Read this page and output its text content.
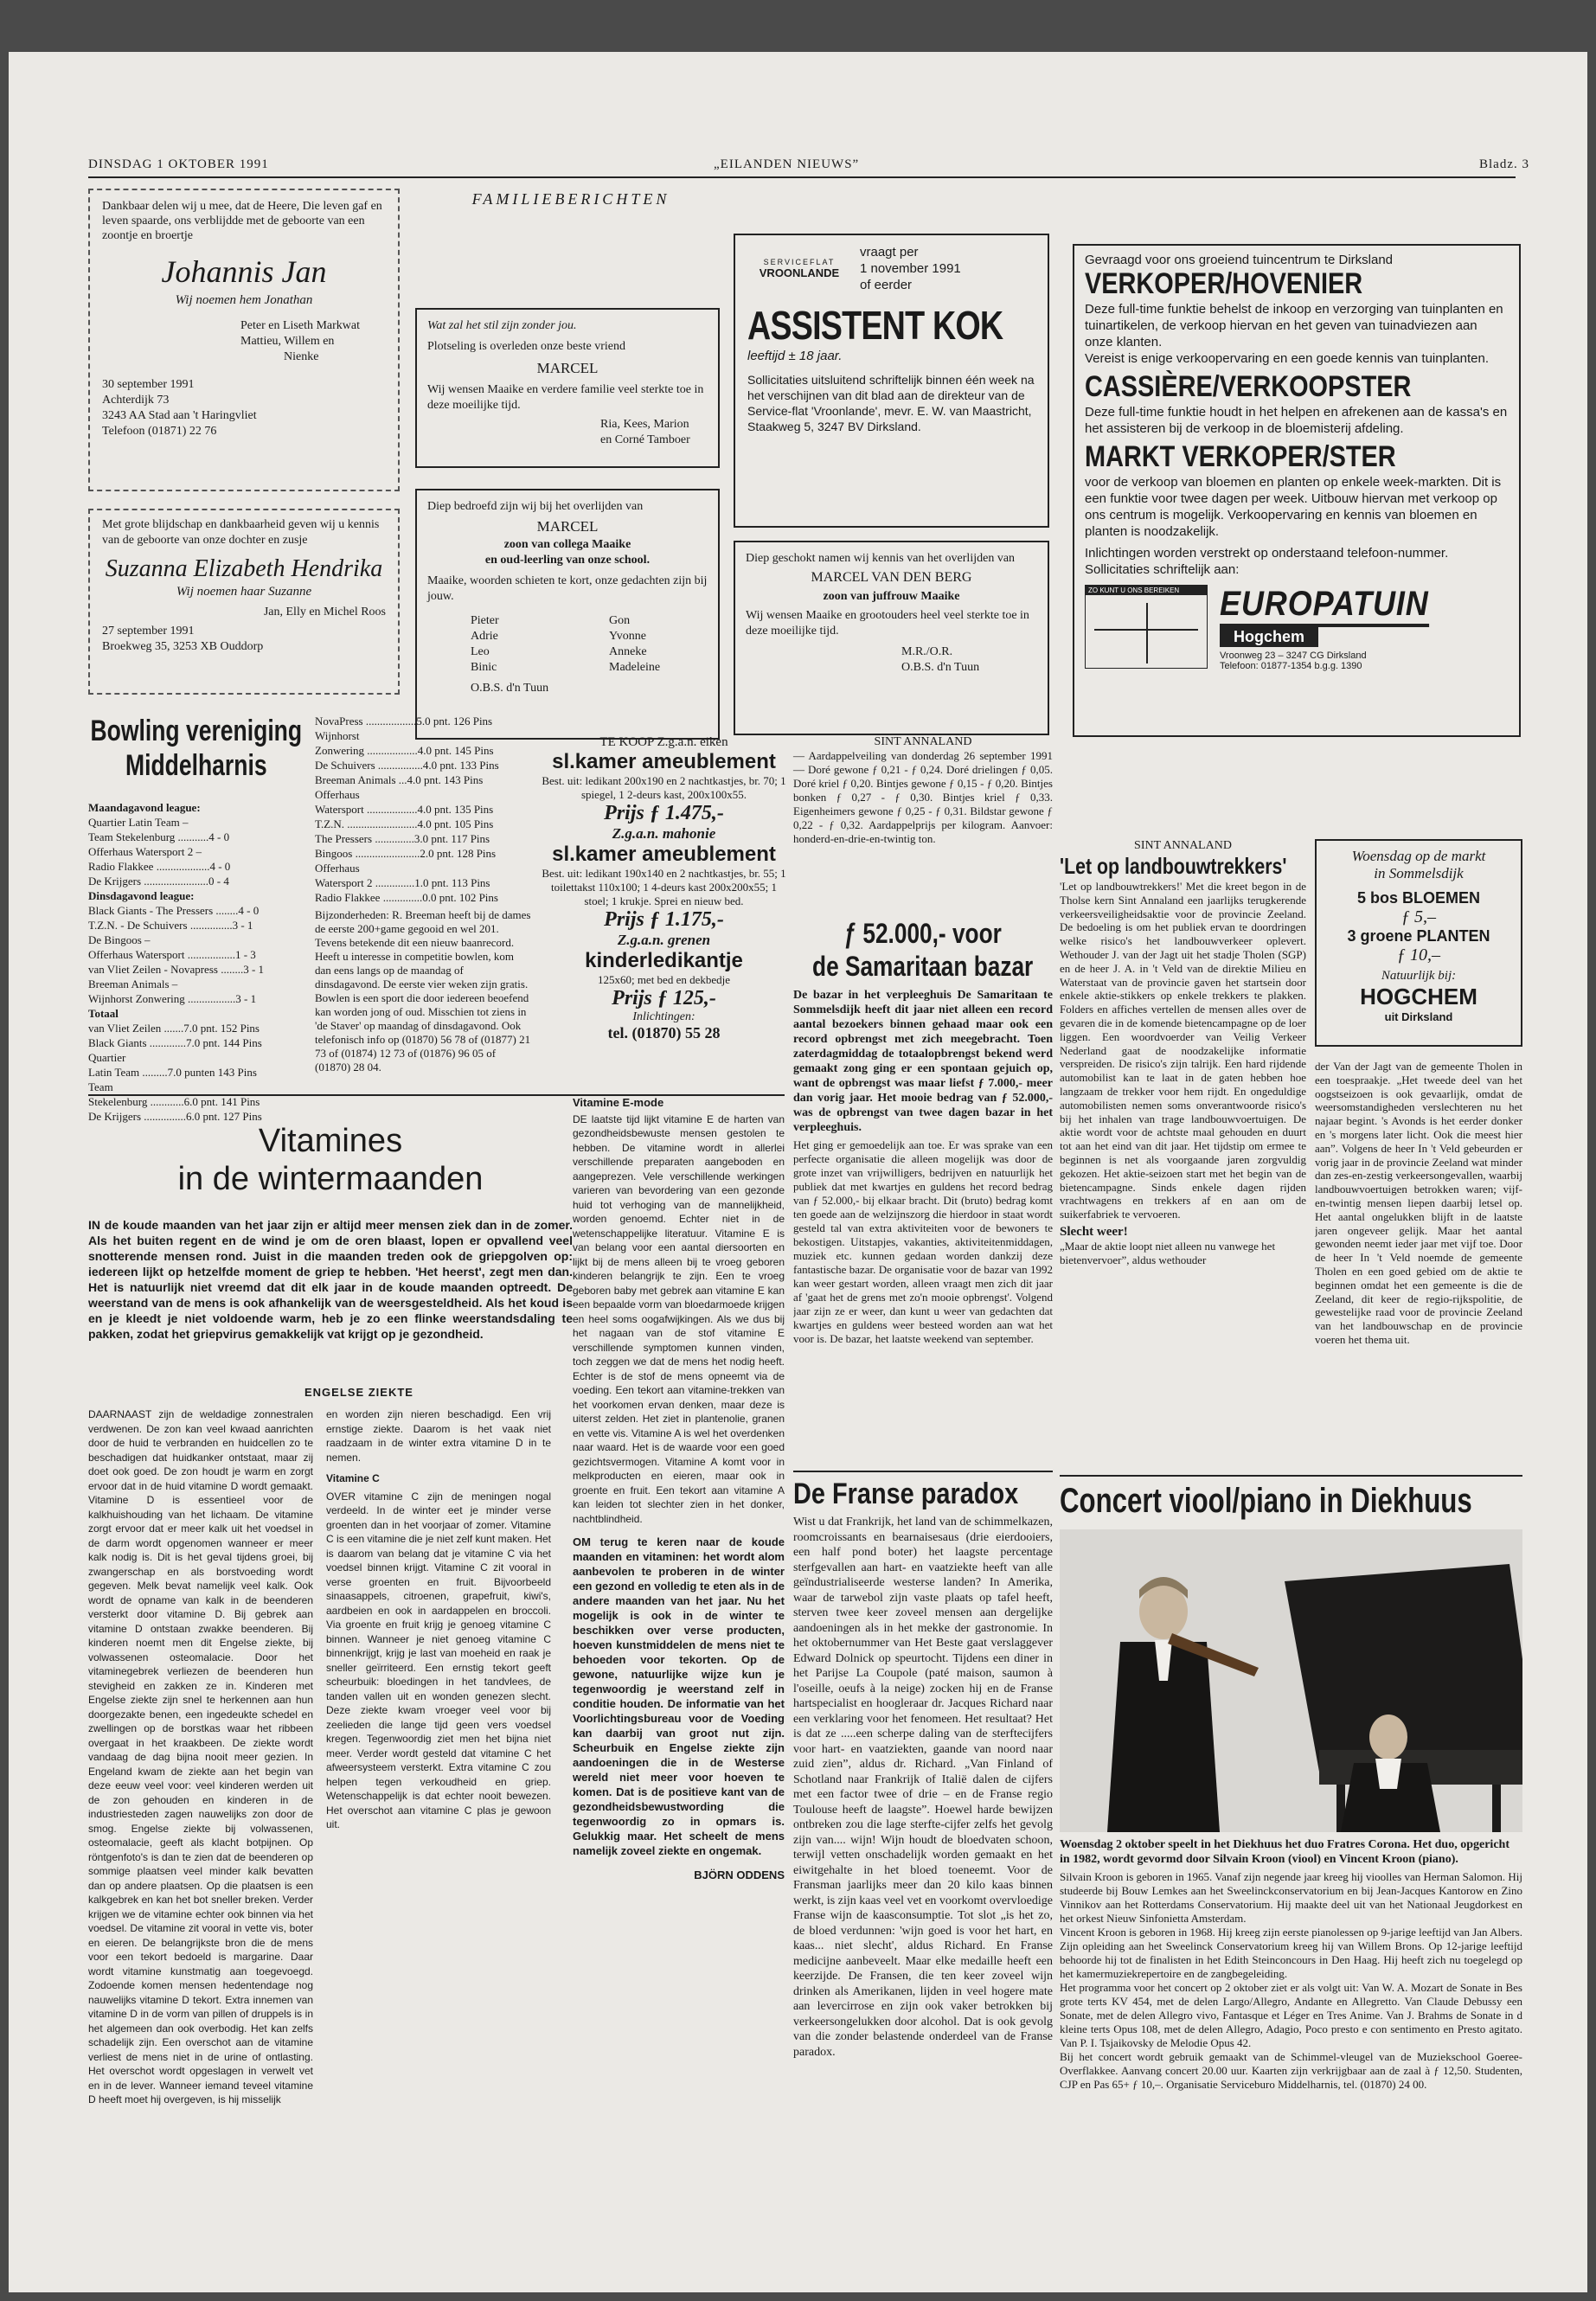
DINSDAG 1 OKTOBER 1991	„EILANDEN NIEUWS”	Bladz. 3

Dankbaar delen wij u mee, dat de Heere, Die leven gaf en leven spaarde, ons verblijdde met de geboorte van een zoontje en broertje

Johannis Jan

Wij noemen hem Jonathan

Peter en Liseth Markwat
Mattieu, Willem en
Nienke
30 september 1991
Achterdijk 73
3243 AA Stad aan 't Haringvliet
Telefoon (01871) 22 76

Met grote blijdschap en dankbaarheid geven wij u kennis van de geboorte van onze dochter en zusje

Suzanna Elizabeth Hendrika

Wij noemen haar Suzanne

Jan, Elly en Michel Roos

27 september 1991
Broekweg 35, 3253 XB Ouddorp
FAMILIEBERICHTEN

Wat zal het stil zijn zonder jou.

Plotseling is overleden onze beste vriend

MARCEL

Wij wensen Maaike en verdere familie veel sterkte toe in deze moeilijke tijd.

Ria, Kees, Marion
en Corné Tamboer

Diep bedroefd zijn wij bij het overlijden van

MARCEL

zoon van collega Maaike

en oud-leerling van onze school.

Maaike, woorden schieten te kort, onze gedachten zijn bij jouw.

Pieter
Adrie
Leo
Binic
Gon
Yvonne
Anneke
Madeleine

O.B.S. d'n Tuun

Diep geschokt namen wij kennis van het overlijden van

MARCEL VAN DEN BERG

zoon van juffrouw Maaike

Wij wensen Maaike en grootouders heel veel sterkte toe in deze moeilijke tijd.

M.R./O.R.
O.B.S. d'n Tuun
SERVICEFLAT
VROONLANDE
vraagt per
1 november 1991
of eerder
ASSISTENT KOK
leeftijd ± 18 jaar.

Sollicitaties uitsluitend schriftelijk binnen één week na het verschijnen van dit blad aan de direkteur van de Service-flat 'Vroonlande', mevr. E. W. van Maastricht, Staakweg 5, 3247 BV Dirksland.

Gevraagd voor ons groeiend tuincentrum te Dirksland

VERKOPER/HOVENIER

Deze full-time funktie behelst de inkoop en verzorging van tuinplanten en tuinartikelen, de verkoop hiervan en het geven van tuinadviezen aan onze klanten.

Vereist is enige verkoopervaring en een goede kennis van tuinplanten.

CASSIÈRE/VERKOOPSTER

Deze full-time funktie houdt in het helpen en afrekenen aan de kassa's en het assisteren bij de verkoop in de bloemisterij afdeling.

MARKT VERKOPER/STER

voor de verkoop van bloemen en planten op enkele week-markten. Dit is een funktie voor twee dagen per week. Uitbouw hiervan met verkoop op ons centrum is mogelijk. Verkoopervaring en kennis van bloemen en planten is noodzakelijk.

Inlichtingen worden verstrekt op onderstaand telefoon-nummer. Sollicitaties schriftelijk aan:

ZO KUNT U ONS BEREIKEN	EUROPATUIN
Hogchem
Vroonweg 23 – 3247 CG Dirksland
Telefoon: 01877-1354 b.g.g. 1390
Bowling vereniging
Middelharnis
Maandagavond league:
Quartier Latin Team –
Team Stekelenburg ...........4 - 0
Offerhaus Watersport 2 –
Radio Flakkee ...................4 - 0
De Krijgers .......................0 - 4
Dinsdagavond league:
Black Giants - The Pressers ........4 - 0
T.Z.N. - De Schuivers ...............3 - 1
De Bingoos –
Offerhaus Watersport .................1 - 3
van Vliet Zeilen - Novapress ........3 - 1
Breeman Animals –
Wijnhorst Zonwering .................3 - 1
Totaal
van Vliet Zeilen .......7.0 pnt. 152 Pins
Black Giants .............7.0 pnt. 144 Pins
Quartier
Latin Team .........7.0 punten 143 Pins
Team
Stekelenburg ............6.0 pnt. 141 Pins
De Krijgers ...............6.0 pnt. 127 Pins
NovaPress ..................5.0 pnt. 126 Pins
Wijnhorst
Zonwering ..................4.0 pnt. 145 Pins
De Schuivers ................4.0 pnt. 133 Pins
Breeman Animals ...4.0 pnt. 143 Pins
Offerhaus
Watersport ..................4.0 pnt. 135 Pins
T.Z.N. .........................4.0 pnt. 105 Pins
The Pressers ..............3.0 pnt. 117 Pins
Bingoos .......................2.0 pnt. 128 Pins
Offerhaus
Watersport 2 ..............1.0 pnt. 113 Pins
Radio Flakkee ..............0.0 pnt. 102 Pins

Bijzonderheden: R. Breeman heeft bij de dames de eerste 200+game gegooid en wel 201. Tevens betekende dit een nieuw baanrecord. Heeft u interesse in competitie bowlen, kom dan eens langs op de maandag of dinsdagavond. De eerste vier weken zijn gratis. Bowlen is een sport die door iedereen beoefend kan worden jong of oud. Misschien tot ziens in 'de Staver' op maandag of dinsdagavond. Ook telefonisch info op (01870) 56 78 of (01877) 21 73 of (01874) 12 73 of (01876) 96 05 of (01870) 28 04.

TE KOOP Z.g.a.n. eiken
sl.kamer ameublement

Best. uit: ledikant 200x190 en 2 nachtkastjes, br. 70; 1 spiegel, 1 2-deurs kast, 200x100x55.

Prijs ƒ 1.475,-
Z.g.a.n. mahonie
sl.kamer ameublement

Best. uit: ledikant 190x140 en 2 nachtkastjes, br. 55; 1 toilettakst 110x100; 1 4-deurs kast 200x200x55; 1 stoel; 1 krukje. Sprei en nieuw bed.

Prijs ƒ 1.175,-
Z.g.a.n. grenen
kinderledikantje

125x60; met bed en dekbedje

Prijs ƒ 125,-
Inlichtingen:
tel. (01870) 55 28
SINT ANNALAND

— Aardappelveiling van donderdag 26 september 1991 — Doré gewone ƒ 0,21 - ƒ 0,24. Doré drielingen ƒ 0,05. Doré kriel ƒ 0,20. Bintjes gewone ƒ 0,15 - ƒ 0,20. Bintjes bonken ƒ 0,27 - ƒ 0,30. Bintjes kriel ƒ 0,33. Eigenheimers gewone ƒ 0,25 - ƒ 0,31. Bildstar gewone ƒ 0,22 - ƒ 0,32. Aardappelprijs per kilogram. Aanvoer: honderd-en-drie-en-twintig ton.

ƒ 52.000,- voor
de Samaritaan bazar

De bazar in het verpleeghuis De Samaritaan te Sommelsdijk heeft dit jaar niet alleen een record aantal bezoekers binnen gehaad maar ook een record opbrengst met zich meegebracht. Toen zaterdagmiddag de totaalopbrengst bekend werd gemaakt zong ging er een spontaan gejuich op, want de opbrengst was maar liefst ƒ 7.000,- meer dan vorig jaar. Het mooie bedrag van ƒ 52.000,- was de opbrengst van twee dagen bazar in het verpleeghuis.

Het ging er gemoedelijk aan toe. Er was sprake van een perfecte organisatie die alleen mogelijk was door de grote inzet van vrijwilligers, bedrijven en natuurlijk het publiek dat met kwartjes en guldens het record bedrag van ƒ 52.000,- bij elkaar bracht. Dit (bruto) bedrag komt ten goede aan de welzijnszorg die hierdoor in staat wordt gesteld tal van extra aktiviteiten voor de bewoners te bekostigen. Uitstapjes, vakanties, aktiviteitenmiddagen, muziek etc. kunnen gedaan worden dankzij deze fantastische bazar. De organisatie voor de bazar van 1992 kan weer gestart worden, alleen vraagt men zich dit jaar af 'gaat het de grens met zo'n mooie opbrengst'. Volgend jaar zijn ze er weer, dan kunt u weer van gedachten dat kwartjes en guldens weer besteed worden aan wat het voor is. De bazar, het laatste weekend van september.

De Franse paradox

Wist u dat Frankrijk, het land van de schimmelkazen, roomcroissants en bearnaisesaus (drie eierdooiers, een half pond boter) het laagste percentage sterfgevallen aan hart- en vaatziekte heeft van alle geïndustrialiseerde westerse landen? In Amerika, waar de tarwebol zijn vaste plaats op tafel heeft, sterven twee keer zoveel mensen aan dergelijke aandoeningen als in het mekke der gastronomie. In het oktobernummer van Het Beste gaat verslaggever Edward Dolnick op speurtocht. Tijdens een diner in het Parijse La Coupole (paté maison, saumon à l'oseille, oeufs à la neige) zocken hij en de Franse hartspecialist en hoogleraar dr. Jacques Richard naar een verklaring voor het fenomeen. Het resultaat? Het is dat ze .....een scherpe daling van de sterftecijfers voor hart- en vaatziekten, gaande van noord naar zuid zien”, aldus dr. Richard. „Van Finland of Schotland naar Frankrijk of Italië dalen de cijfers met een factor twee of drie – en de Franse regio Toulouse heeft de laagste”. Hoewel harde bewijzen ontbreken zou die lage sterfte-cijfer zelfs het gevolg zijn van.... wijn! Wijn houdt de bloedvaten schoon, terwijl vetten onschadelijk worden gemaakt en het eiwitgehalte in het bloed toeneemt. Voor de Fransman jaarlijks meer dan 20 kilo kaas binnen werkt, is zijn kaas veel vet en voorkomt overvloedige Franse wijn de kaasconsumptie. Tot slot „is het zo, de bloed verdunnen: 'wijn goed is voor het hart, en kaas... niet slecht', aldus Richard. En Franse medicijne aanbeveelt. Maar elke medaille heeft een keerzijde. De Fransen, die ten keer zoveel wijn drinken als Amerikanen, lijden in veel hogere mate aan levercirrose en zijn ook vaker betrokken bij verkeersongelukken door alcohol. Dat is ook gevolg van die zonder belastende onderdeel van de Franse paradox.

Vitamines
in de wintermaanden

IN de koude maanden van het jaar zijn er altijd meer mensen ziek dan in de zomer. Als het buiten regent en de wind je om de oren blaast, lopen er opvallend veel snotterende mensen rond. Juist in die maanden treden ook de griepgolven op: iedereen lijkt op hetzelfde moment de griep te hebben. 'Het heerst', zegt men dan. Het is natuurlijk niet vreemd dat dit elk jaar in de koude maanden optreedt. De weerstand van de mens is ook afhankelijk van de weersgesteldheid. Als het koud is en je kleedt je niet voldoende warm, heb je zo een flinke weerstandsdaling te pakken, zodat het griepvirus gemakkelijk vat krijgt op je gezondheid.

ENGELSE ZIEKTE

DAARNAAST zijn de weldadige zonnestralen verdwenen. De zon kan veel kwaad aanrichten door de huid te verbranden en huidcellen zo te beschadigen dat huidkanker ontstaat, maar zij doet ook goed. De zon houdt je warm en zorgt ervoor dat in de huid vitamine D wordt gemaakt. Vitamine D is essentieel voor de kalkhuishouding van het lichaam. De vitamine zorgt ervoor dat er meer kalk uit het voedsel in de darm wordt opgenomen wanneer er meer kalk nodig is. Dit is het geval tijdens groei, bij zwangerschap en als borstvoeding wordt gegeven. Melk bevat namelijk veel kalk. Ook wordt de opname van kalk in de beenderen versterkt door vitamine D. Bij gebrek aan vitamine D ontstaan zwakke beenderen. Bij kinderen noemt men dit Engelse ziekte, bij volwassenen osteomalacie. Door het vitaminegebrek verliezen de beenderen hun stevigheid en zakken ze in. Kinderen met Engelse ziekte zijn snel te herkennen aan hun doorgezakte benen, een ingedeukte schedel en zwellingen op de borstkas waar het ribbeen overgaat in het kraakbeen. De ziekte wordt vandaag de dag bijna nooit meer gezien. In Engeland kwam de ziekte aan het begin van deze eeuw veel voor: veel kinderen werden uit de zon gehouden en kinderen in de industriesteden zagen nauwelijks zon door de smog. Engelse ziekte bij volwassenen, osteomalacie, geeft als klacht botpijnen. Op röntgenfoto's is dan te zien dat de beenderen op sommige plaatsen veel minder kalk bevatten dan op andere plaatsen. Op die plaatsen is een kalkgebrek en kan het bot sneller breken. Verder krijgen we de vitamine echter ook binnen via het voedsel. De vitamine zit vooral in vette vis, boter en eieren. De belangrijkste bron die de mens voor een tekort bedoeld is margarine. Daar wordt vitamine kunstmatig aan toegevoegd. Zodoende komen mensen hedentendage nog nauwelijks vitamine D tekort. Extra innemen van vitamine D in de vorm van pillen of druppels is in het algemeen dan ook overbodig. Het kan zelfs schadelijk zijn. Een overschot aan de vitamine verliest de mens niet in de urine of ontlasting. Het overschot wordt opgeslagen in verwelt vet en in de lever. Wanneer iemand teveel vitamine D heeft moet hij overgeven, is hij misselijk

en worden zijn nieren beschadigd. Een vrij ernstige ziekte. Daarom is het vaak niet raadzaam in de winter extra vitamine D in te nemen.

Vitamine C

OVER vitamine C zijn de meningen nogal verdeeld. In de winter eet je minder verse groenten dan in het voorjaar of zomer. Vitamine C is een vitamine die je niet zelf kunt maken. Het is daarom van belang dat je vitamine C via het voedsel binnen krijgt. Vitamine C zit vooral in verse groenten en fruit. Bijvoorbeeld sinaasappels, citroenen, grapefruit, kiwi's, aardbeien en ook in aardappelen en broccoli. Via groente en fruit krijg je genoeg vitamine C binnen. Wanneer je niet genoeg vitamine C binnenkrijgt, krijg je last van moeheid en raak je sneller geïrriteerd. Een ernstig tekort geeft scheurbuik: bloedingen in het tandvlees, de tanden vallen uit en wonden genezen slecht. Deze ziekte kwam vroeger veel voor bij zeelieden die lange tijd geen vers voedsel kregen. Tegenwoordig ziet men het bijna niet meer. Verder wordt gesteld dat vitamine C het afweersysteem versterkt. Extra vitamine C zou helpen tegen verkoudheid en griep. Wetenschappelijk is dat echter nooit bewezen. Het overschot aan vitamine C plas je gewoon uit.

Vitamine E-mode

DE laatste tijd lijkt vitamine E de harten van gezondheidsbewuste mensen gestolen te hebben. De vitamine wordt in allerlei verschillende preparaten aangeboden en aangeprezen. Vele verschillende werkingen varieren van bevordering van een gezonde huid tot verhoging van de mannelijkheid, worden genoemd. Echter niet in de wetenschappelijke literatuur. Vitamine E is van belang voor een aantal diersoorten en lijkt bij de mens alleen bij te vroeg geboren kinderen belangrijk te zijn. Een te vroeg geboren baby met gebrek aan vitamine E kan een bepaalde vorm van bloedarmoede krijgen en heel soms oogafwijkingen. Als we dus bij het nagaan van de stof vitamine E verschillende symptomen kunnen vinden, toch zeggen we dat de mens het nodig heeft. Echter is de stof de mens opneemt via de voeding. Een tekort aan vitamine-trekken van het voorkomen ervan denken, maar deze is uiterst zelden. Het ziet in plantenolie, granen en vette vis. Vitamine A is wel het overdenken naar waard. Het is de waarde voor een goed gezichtsvermogen. Vitamine A komt voor in melkproducten en eieren, maar ook in groente en fruit. Een tekort aan vitamine A kan leiden tot slechter zien in het donker, nachtblindheid.

OM terug te keren naar de koude maanden en vitaminen: het wordt alom aanbevolen te proberen in de winter een gezond en volledig te eten als in de andere maanden van het jaar. Nu het mogelijk is ook in de winter te beschikken over verse producten, hoeven kunstmiddelen de mens niet te behoeden voor tekorten. Op de gewone, natuurlijke wijze kun je tegenwoordig je weerstand zelf in conditie houden. De informatie van het Voorlichtingsbureau voor de Voeding kan daarbij van groot nut zijn. Scheurbuik en Engelse ziekte zijn aandoeningen die in de Westerse wereld niet meer voor hoeven te komen. Dat is de positieve kant van de gezondheidsbewustwording die tegenwoordig zo in opmars is. Gelukkig maar. Het scheelt de mens namelijk zoveel ziekte en ongemak.

BJÖRN ODDENS

SINT ANNALAND
'Let op landbouwtrekkers'

'Let op landbouwtrekkers!' Met die kreet begon in de Tholse kern Sint Annaland een jaarlijks terugkerende verkeersveiligheidsaktie voor de provincie Zeeland. De bedoeling is om het publiek ervan te doordringen welke risico's het landbouwverkeer oplevert. Wethouder J. van der Jagt uit het stadje Tholen (SGP) en de heer J. A. in 't Veld van de direktie Milieu en Waterstaat van de provincie gaven het startsein door enkele aktie-stikkers op enkele trekkers te plakken. Folders en affiches vertellen de mensen alles over de gevaren die in de komende bietencampagne op de loer liggen. Een woordvoerder van Veilig Verkeer Nederland gaat de noodzakelijke informatie verspreiden. De risico's zijn talrijk. Een hard rijdende automobilist kan te laat in de gaten hebben hoe langzaam de trekker voor hem rijdt. En ongeduldige automobilisten nemen soms onverantwoorde risico's bij het inhalen van trage landbouwvoertuigen. De aktie wordt voor de achtste maal gehouden en duurt tot aan het eind van dit jaar. Het tijdstip om ermee te beginnen is net als voorgaande jaren zorgvuldig gekozen. Het aktie-seizoen start met het begin van de bietencampagne. Sinds enkele dagen rijden vrachtwagens en trekkers af en aan om de suikerfabriek te vervoeren.

Slecht weer!

„Maar de aktie loopt niet alleen nu vanwege het bietenvervoer”, aldus wethouder

Woensdag op de markt
in Sommelsdijk
5 bos BLOEMEN
ƒ 5,–
3 groene PLANTEN
ƒ 10,–
Natuurlijk bij:
HOGCHEM
uit Dirksland

der Van der Jagt van de gemeente Tholen in een toespraakje. „Het tweede deel van het oogstseizoen is ook gevaarlijk, omdat de weersomstandigheden verslechteren nu het najaar begint. 's Avonds is het eerder donker en 's morgens later licht. Ook die meest hier aan”. Volgens de heer In 't Veld gebeurden er vorig jaar in de provincie Zeeland wat minder dan zes-en-zestig verkeersongevallen, waarbij landbouwvoertuigen betrokken waren; vijf-en-twintig mensen liepen daarbij letsel op. Het aantal ongelukken blijft in de laatste jaren ongeveer gelijk. Maar het aantal gewonden neemt ieder jaar met vijf toe. Door de heer In 't Veld noemde de gemeente Tholen en een goed gebied om de aktie te beginnen omdat het een gemeente is die de Zeeland, dit keer de regio-rijkspolitie, de gewestelijke raad voor de provincie Zeeland van het landbouwschap en de provincie voeren het thema uit.

Concert viool/piano in Diekhuus

Woensdag 2 oktober speelt in het Diekhuus het duo Fratres Corona. Het duo, opgericht in 1982, wordt gevormd door Silvain Kroon (viool) en Vincent Kroon (piano).

Silvain Kroon is geboren in 1965. Vanaf zijn negende jaar kreeg hij vioolles van Herman Salomon. Hij studeerde bij Bouw Lemkes aan het Sweelinckconservatorium en bij Jean-Jacques Kantorow en Zino Vinnikov aan het Rotterdams Conservatorium. Hij maakte deel uit van het Nationaal Jeugdorkest en het orkest Nieuw Sinfonietta Amsterdam.

Vincent Kroon is geboren in 1968. Hij kreeg zijn eerste pianolessen op 9-jarige leeftijd van Jan Albers. Zijn opleiding aan het Sweelinck Conservatorium kreeg hij van Willem Brons. Op 12-jarige leeftijd behoorde hij tot de finalisten in het Edith Steinconcours in Den Haag. Hij heeft zich nu toegelegd op het kamermuziekrepertoire en de zangbegeleiding.

Het programma voor het concert op 2 oktober ziet er als volgt uit: Van W. A. Mozart de Sonate in Bes grote terts KV 454, met de delen Largo/Allegro, Andante en Allegretto. Van Claude Debussy een Sonate, met de delen Allegro vivo, Fantasque et Léger en Tres Anime. Van J. Brahms de Sonate in d kleine terts Opus 108, met de delen Allegro, Adagio, Poco presto e con sentimento en Presto agitato. Van P. I. Tsjaikovsky de Melodie Opus 42.

Bij het concert wordt gebruik gemaakt van de Schimmel-vleugel van de Muziekschool Goeree-Overflakkee. Aanvang concert 20.00 uur. Kaarten zijn verkrijgbaar aan de zaal à ƒ 12,50. Studenten, CJP en Pas 65+ ƒ 10,–. Organisatie Serviceburo Middelharnis, tel. (01870) 24 00.
